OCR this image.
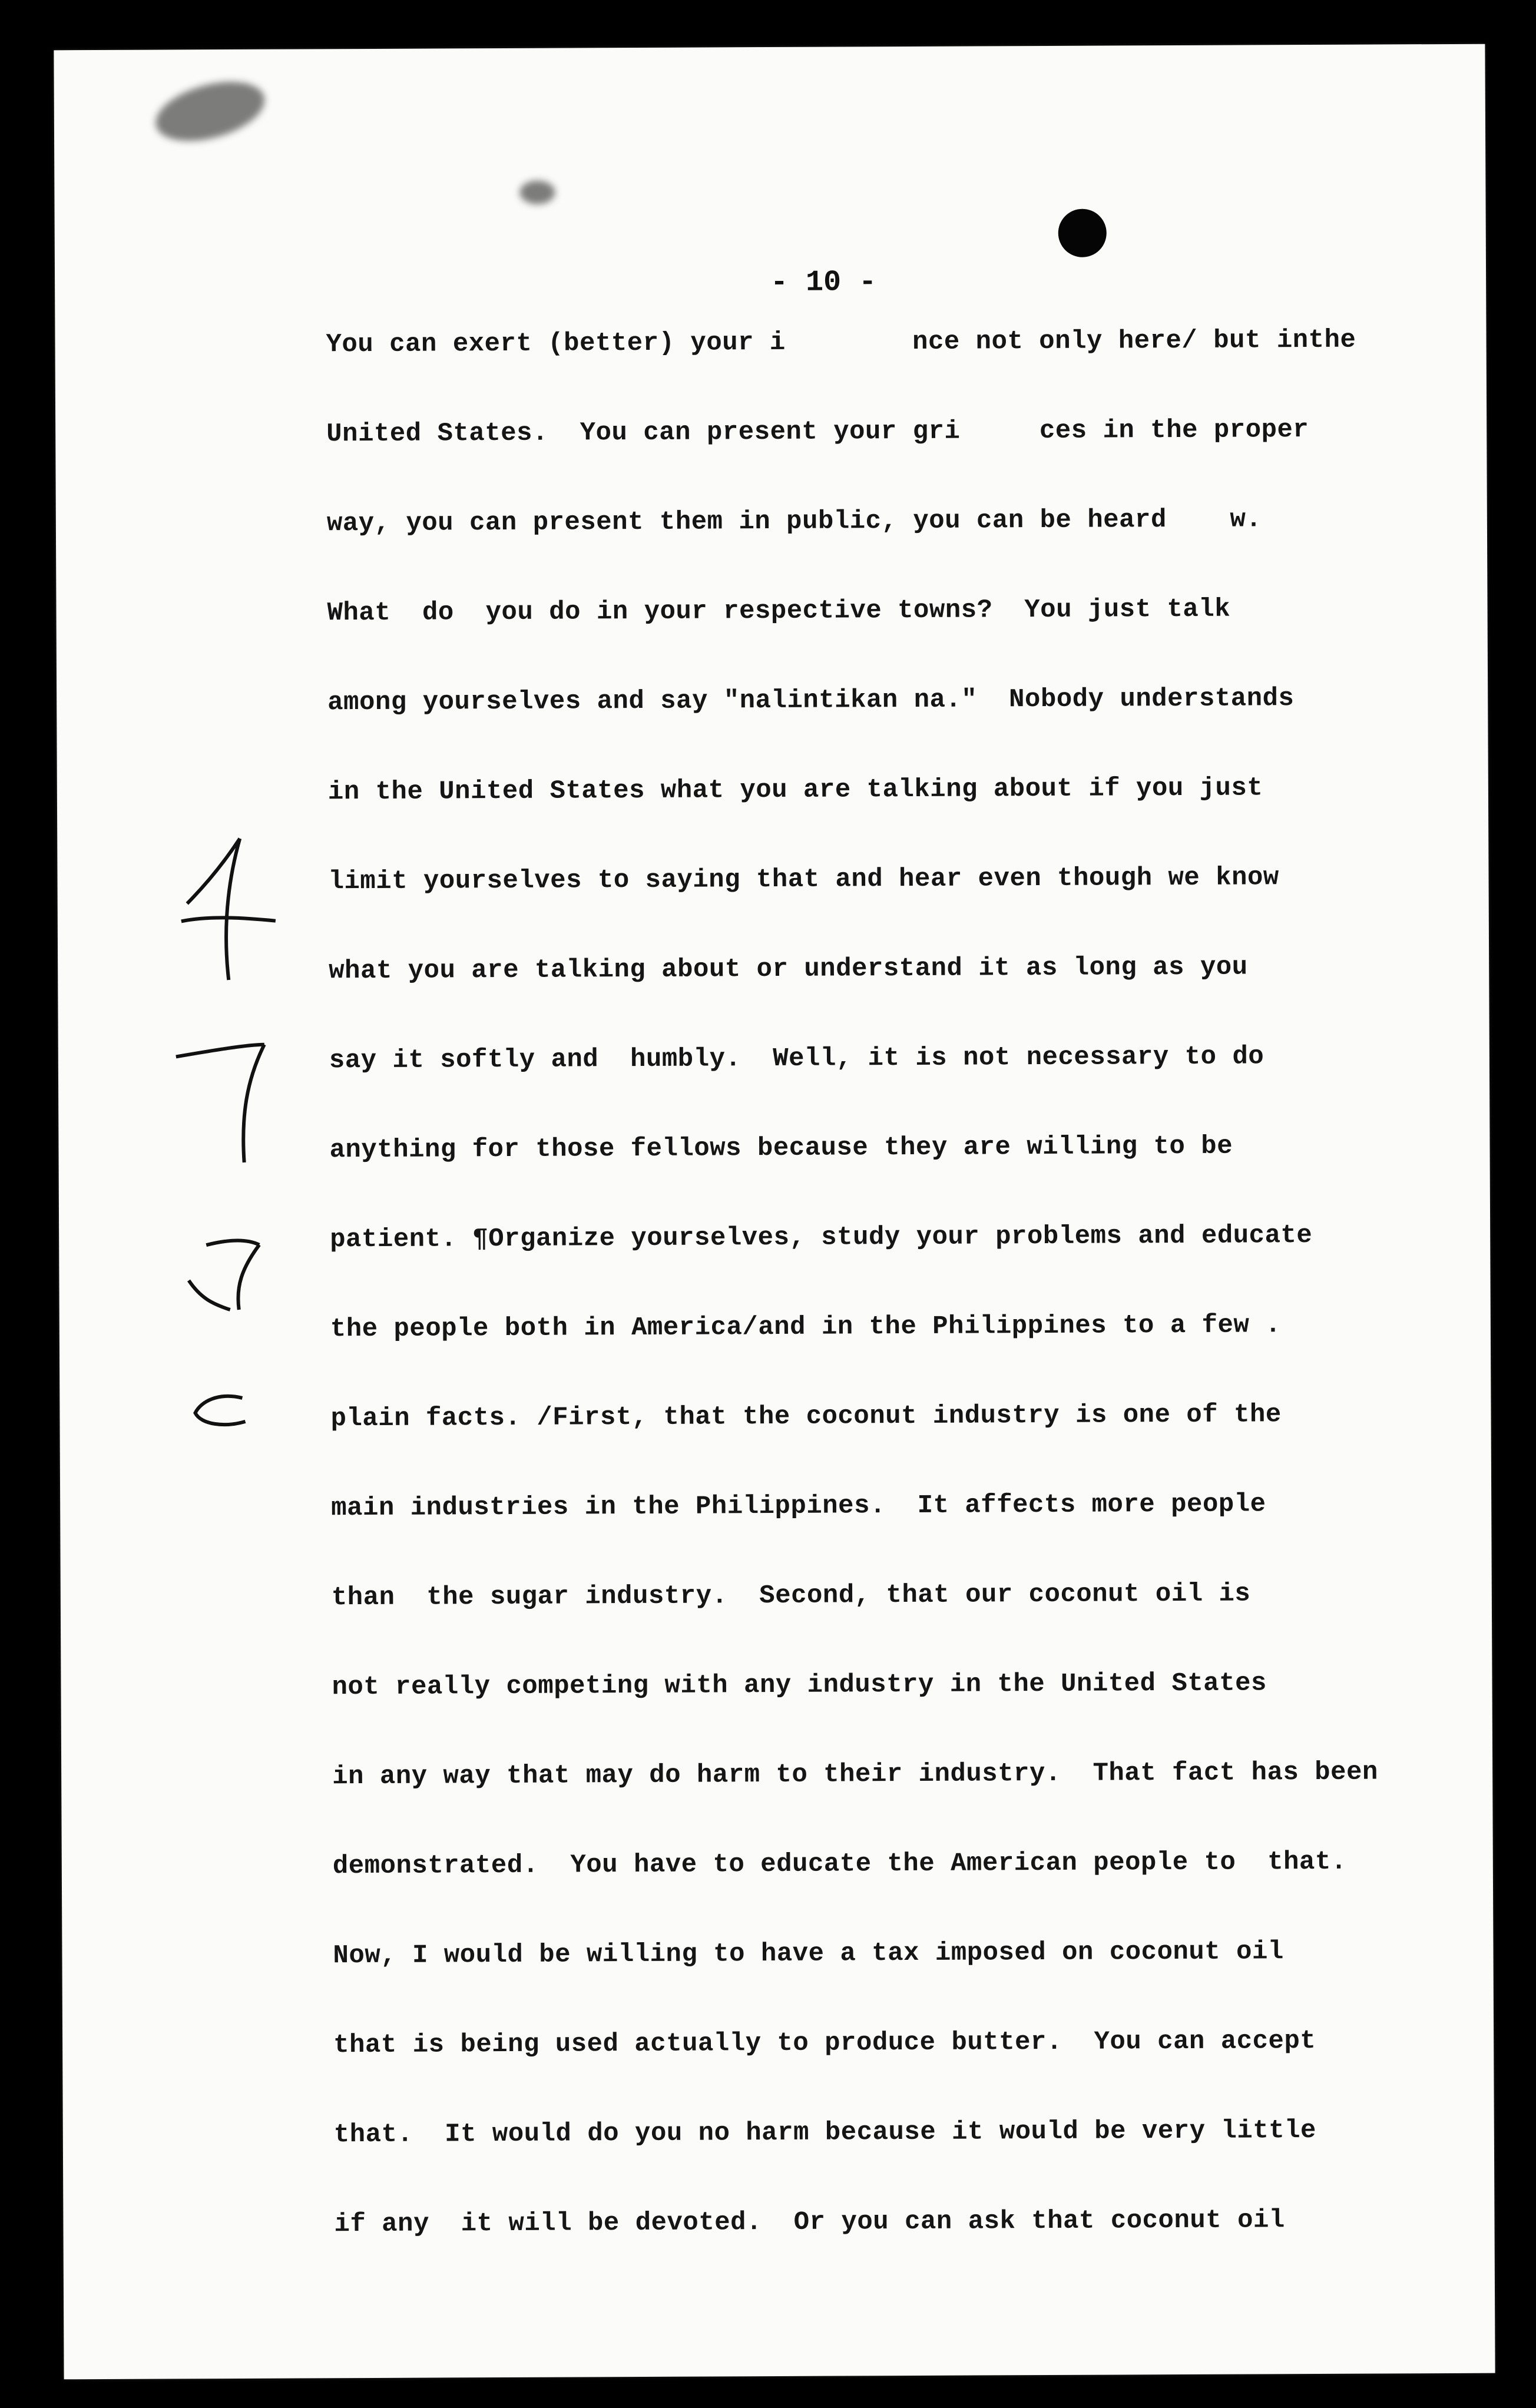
- 10 -
You can exert (better) your i        nce not only here/ but inthe
United States.  You can present your gri     ces in the proper
way, you can present them in public, you can be heard    w.
What  do  you do in your respective towns?  You just talk
among yourselves and say "nalintikan na."  Nobody understands
in the United States what you are talking about if you just
limit yourselves to saying that and hear even though we know
what you are talking about or understand it as long as you
say it softly and  humbly.  Well, it is not necessary to do
anything for those fellows because they are willing to be
patient. ¶Organize yourselves, study your problems and educate
the people both in America/and in the Philippines to a few .
plain facts. /First, that the coconut industry is one of the
main industries in the Philippines.  It affects more people
than  the sugar industry.  Second, that our coconut oil is
not really competing with any industry in the United States
in any way that may do harm to their industry.  That fact has been
demonstrated.  You have to educate the American people to  that.
Now, I would be willing to have a tax imposed on coconut oil
that is being used actually to produce butter.  You can accept
that.  It would do you no harm because it would be very little
if any  it will be devoted.  Or you can ask that coconut oil
